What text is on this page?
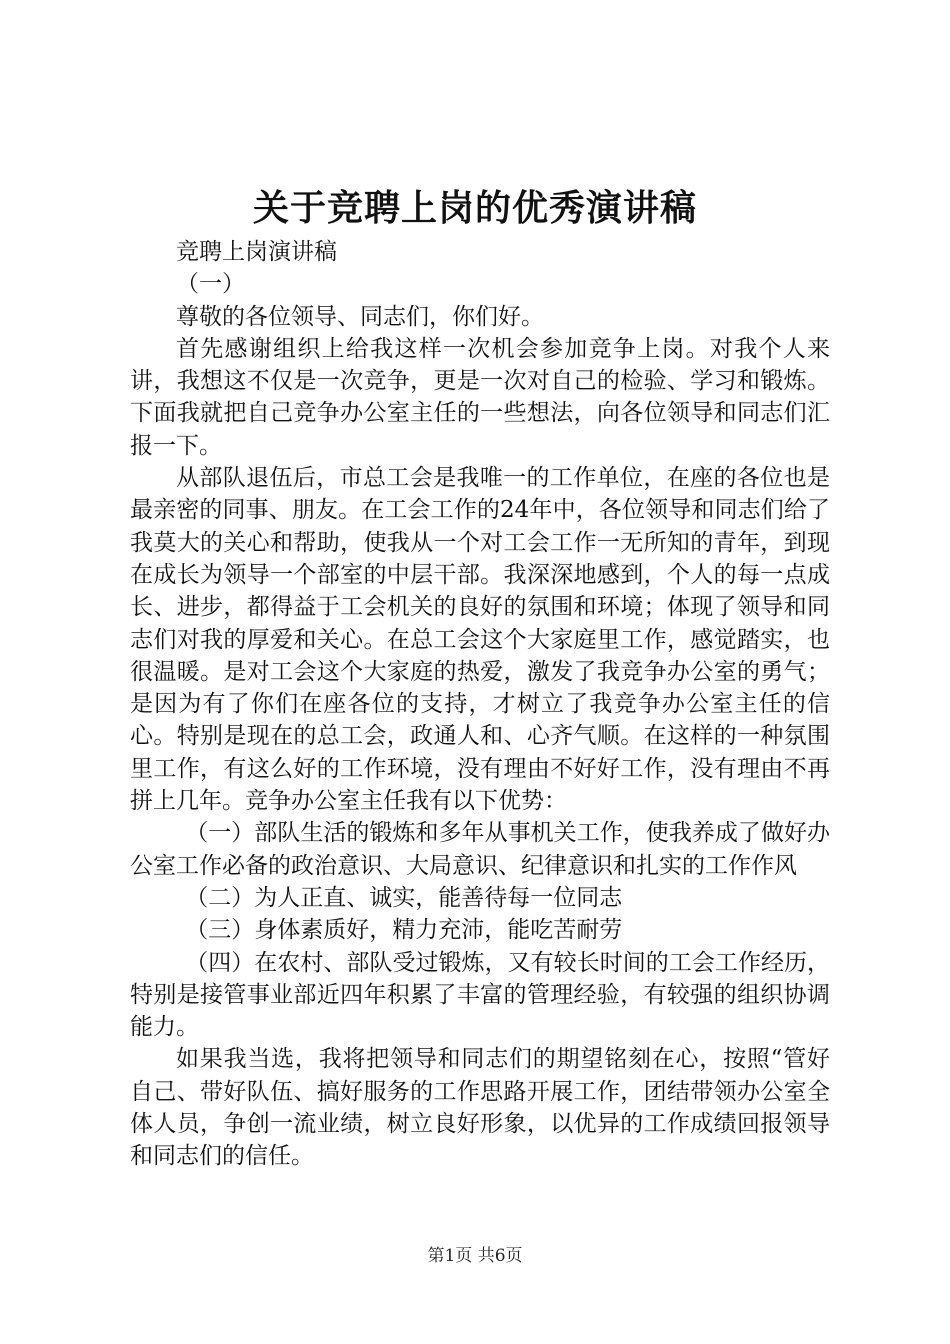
关于竞聘上岗的优秀演讲稿

竞聘上岗演讲稿

（一）

尊敬的各位领导、同志们，你们好。

首先感谢组织上给我这样一次机会参加竞争上岗。对我个人来讲，我想这不仅是一次竞争，更是一次对自己的检验、学习和锻炼。下面我就把自己竞争办公室主任的一些想法，向各位领导和同志们汇报一下。

从部队退伍后，市总工会是我唯一的工作单位，在座的各位也是最亲密的同事、朋友。在工会工作的24年中，各位领导和同志们给了我莫大的关心和帮助，使我从一个对工会工作一无所知的青年，到现在成长为领导一个部室的中层干部。我深深地感到，个人的每一点成长、进步，都得益于工会机关的良好的氛围和环境；体现了领导和同志们对我的厚爱和关心。在总工会这个大家庭里工作，感觉踏实，也很温暖。是对工会这个大家庭的热爱，激发了我竞争办公室的勇气；是因为有了你们在座各位的支持，才树立了我竞争办公室主任的信心。特别是现在的总工会，政通人和、心齐气顺。在这样的一种氛围里工作，有这么好的工作环境，没有理由不好好工作，没有理由不再拼上几年。竞争办公室主任我有以下优势：

（一）部队生活的锻炼和多年从事机关工作，使我养成了做好办公室工作必备的政治意识、大局意识、纪律意识和扎实的工作作风

（二）为人正直、诚实，能善待每一位同志

（三）身体素质好，精力充沛，能吃苦耐劳

（四）在农村、部队受过锻炼，又有较长时间的工会工作经历，特别是接管事业部近四年积累了丰富的管理经验，有较强的组织协调能力。

如果我当选，我将把领导和同志们的期望铭刻在心，按照“管好自己、带好队伍、搞好服务的工作思路开展工作，团结带领办公室全体人员，争创一流业绩，树立良好形象，以优异的工作成绩回报领导和同志们的信任。

第1页 共6页
